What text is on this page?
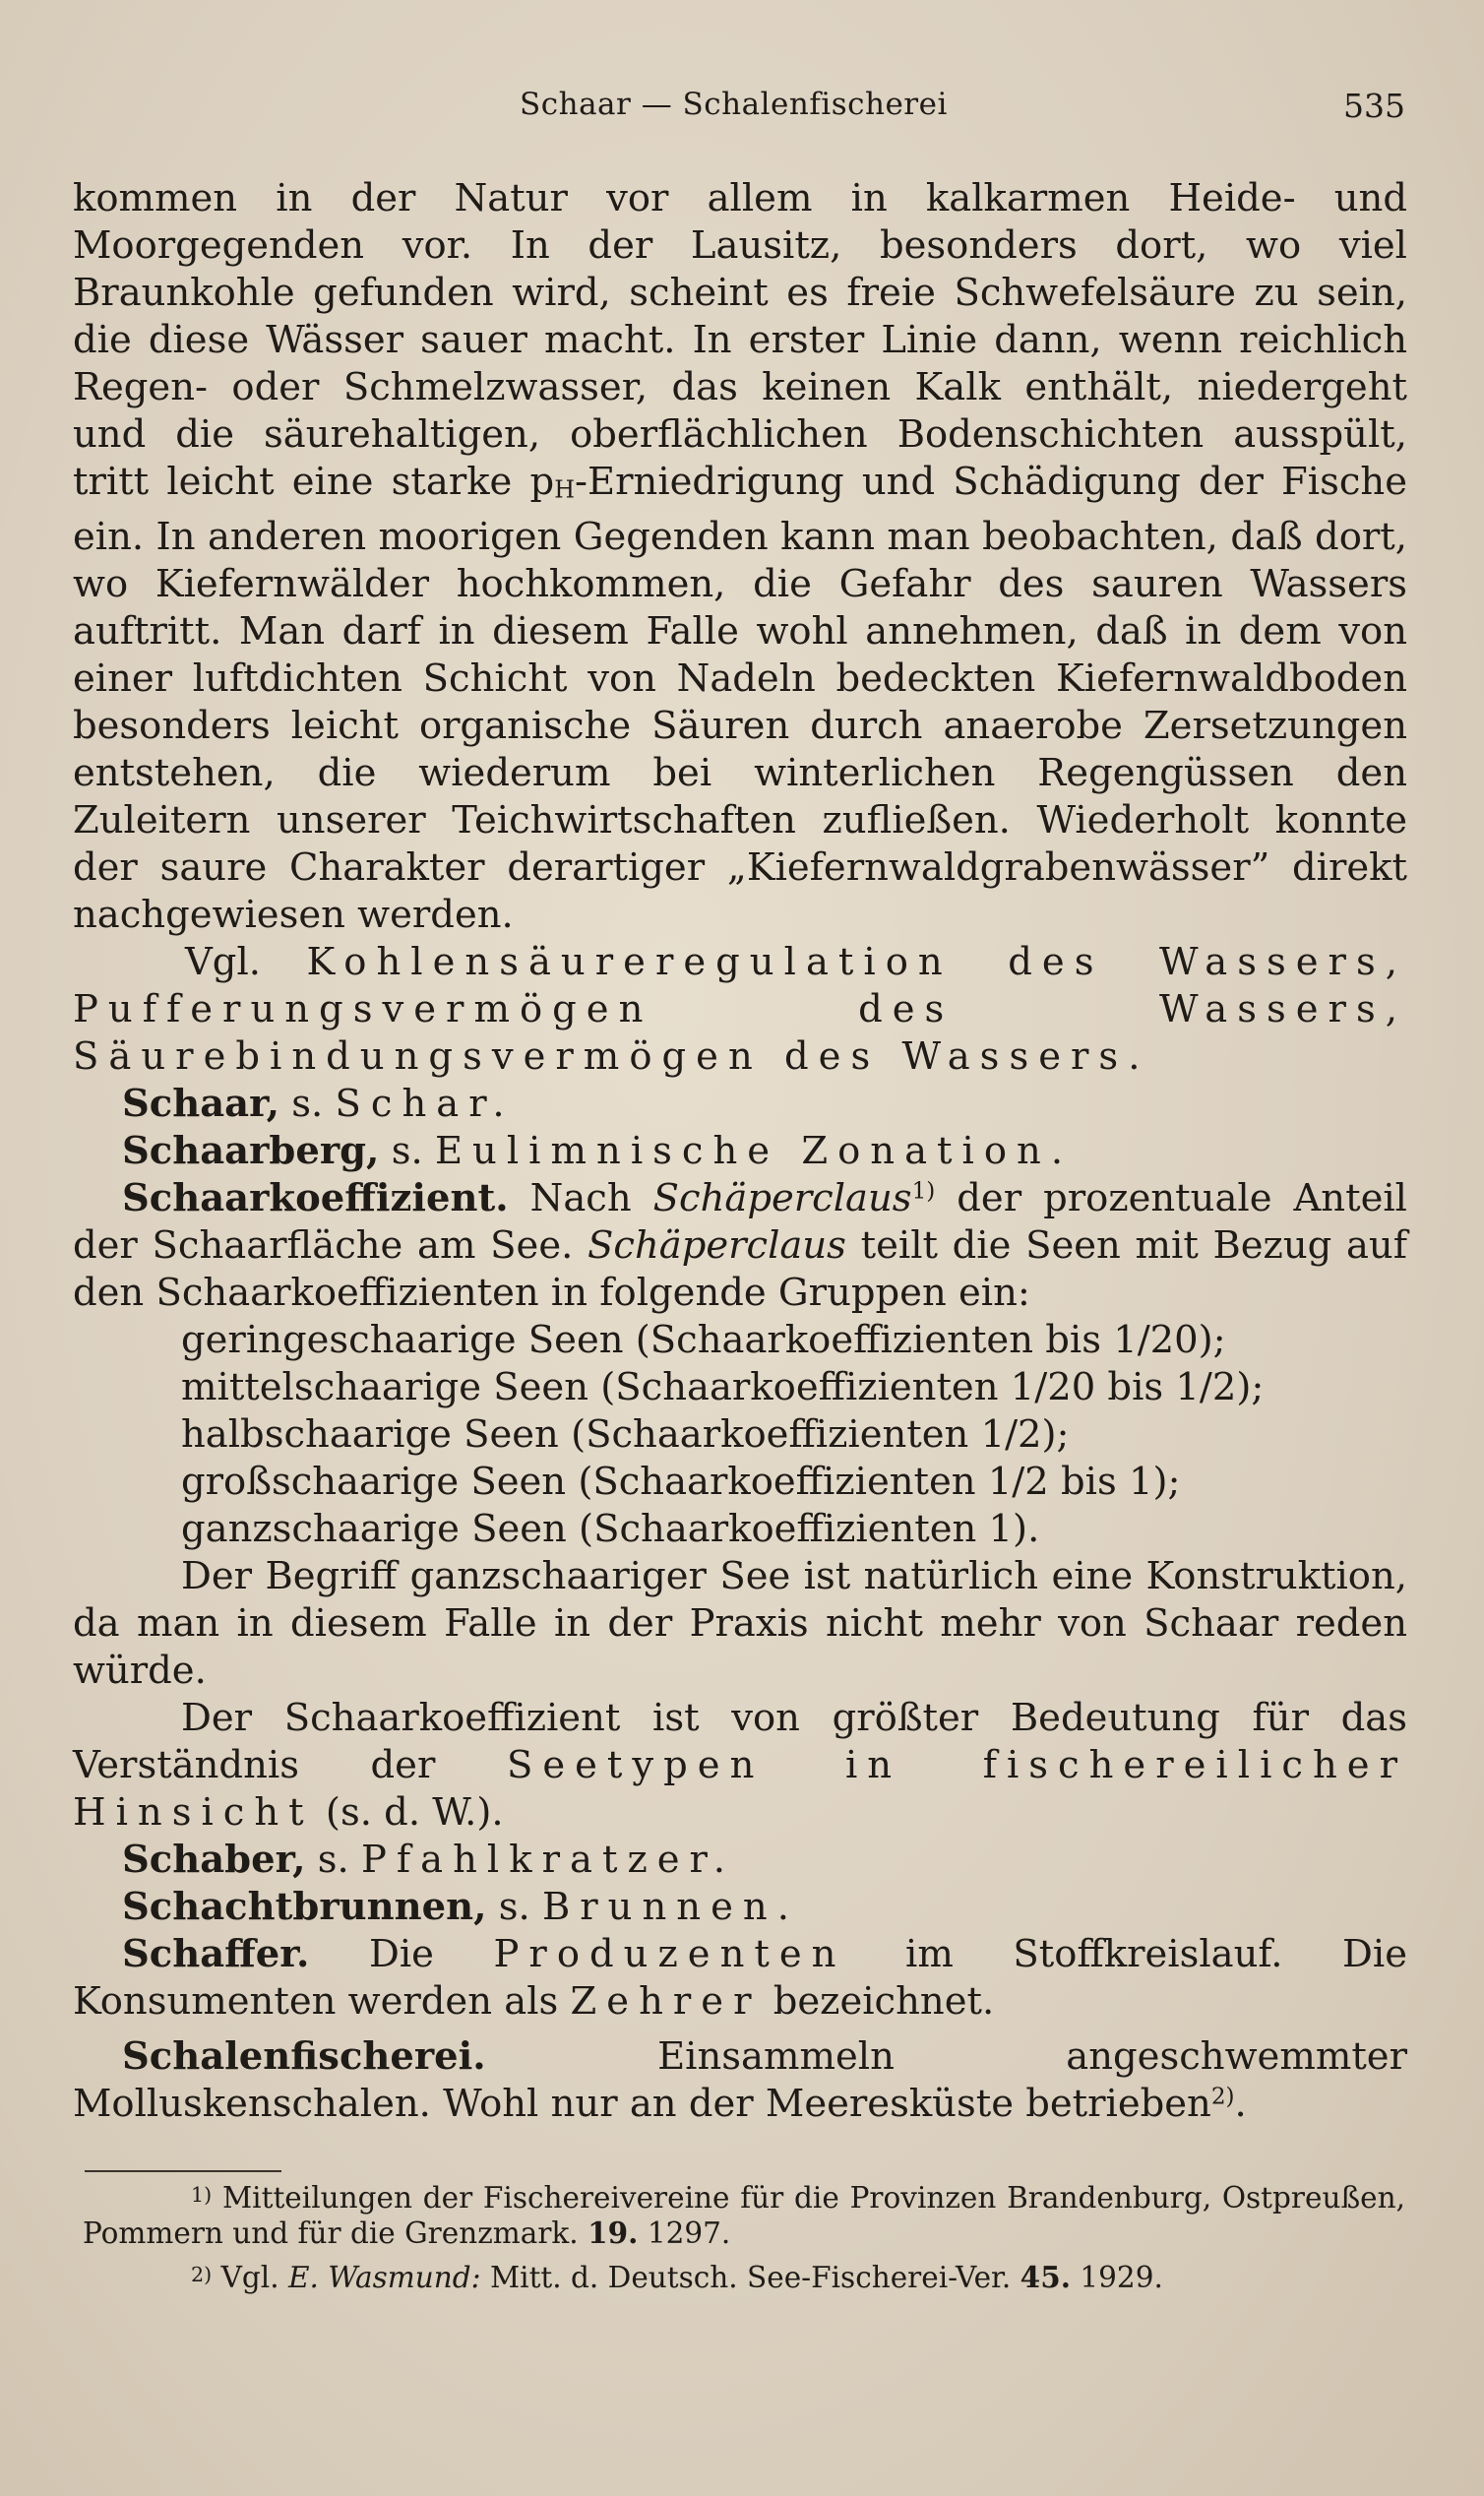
Schaar — Schalenfischerei	535

kommen in der Natur vor allem in kalkarmen Heide- und Moorgegenden vor. In der Lausitz, besonders dort, wo viel Braunkohle gefunden wird, scheint es freie Schwefelsäure zu sein, die diese Wässer sauer macht. In erster Linie dann, wenn reichlich Regen- oder Schmelzwasser, das keinen Kalk enthält, niedergeht und die säurehaltigen, oberflächlichen Bodenschichten ausspült, tritt leicht eine starke pH-Erniedrigung und Schädigung der Fische ein. In anderen moorigen Gegenden kann man beobachten, daß dort, wo Kiefernwälder hochkommen, die Gefahr des sauren Wassers auftritt. Man darf in diesem Falle wohl annehmen, daß in dem von einer luftdichten Schicht von Nadeln bedeckten Kiefernwaldboden besonders leicht organische Säuren durch anaerobe Zersetzungen entstehen, die wiederum bei winterlichen Regengüssen den Zuleitern unserer Teichwirtschaften zufließen. Wiederholt konnte der saure Charakter derartiger „Kiefernwaldgrabenwässer” direkt nachgewiesen werden.

Vgl. Kohlensäureregulation des Wassers, Pufferungsvermögen des Wassers, Säurebindungsvermögen des Wassers.

Schaar, s. Schar.

Schaarberg, s. Eulimnische Zonation.

Schaarkoeffizient. Nach Schäperclaus$^{1)}$ der prozentuale Anteil der Schaarfläche am See. Schäperclaus teilt die Seen mit Bezug auf den Schaarkoeffizienten in folgende Gruppen ein:

geringeschaarige Seen (Schaarkoeffizienten bis 1/20);
mittelschaarige Seen (Schaarkoeffizienten 1/20 bis 1/2);
halbschaarige Seen (Schaarkoeffizienten 1/2);
großschaarige Seen (Schaarkoeffizienten 1/2 bis 1);
ganzschaarige Seen (Schaarkoeffizienten 1).

Der Begriff ganzschaariger See ist natürlich eine Konstruktion, da man in diesem Falle in der Praxis nicht mehr von Schaar reden würde.

Der Schaarkoeffizient ist von größter Bedeutung für das Verständnis der Seetypen in fischereilicher Hinsicht (s. d. W.).

Schaber, s. Pfahlkratzer.

Schachtbrunnen, s. Brunnen.

Schaffer. Die Produzenten im Stoffkreislauf. Die Konsumenten werden als Zehrer bezeichnet.

Schalenfischerei.	Einsammeln angeschwemmter Molluskenschalen. Wohl nur an der Meeresküste betrieben$^{2)}$.

$^{1)}$ Mitteilungen der Fischereivereine für die Provinzen Brandenburg, Ostpreußen, Pommern und für die Grenzmark. 19. 1297.

$^{2)}$ Vgl. E. Wasmund: Mitt. d. Deutsch. See-Fischerei-Ver. 45. 1929.
